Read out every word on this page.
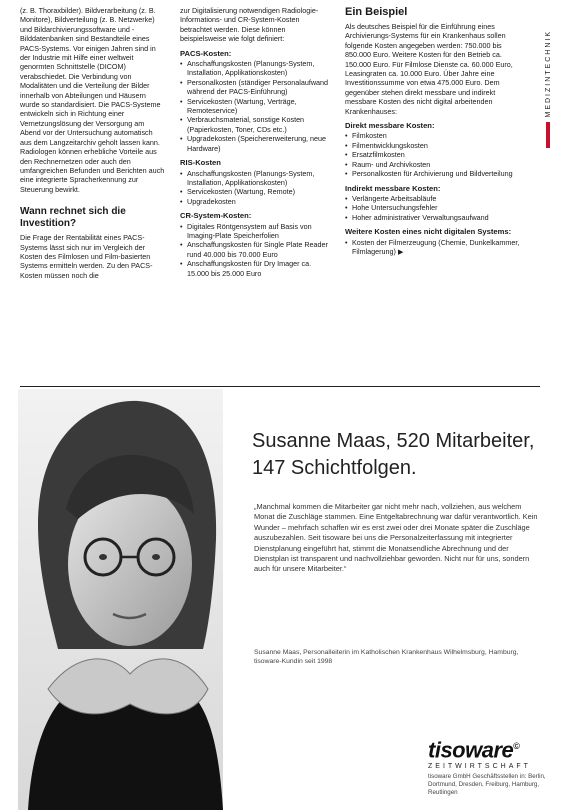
(z. B. Thoraxbilder). Bildverarbeitung (z. B. Monitore), Bildverteilung (z. B. Netzwerke) und Bildarchivierungssoftware und -Bilddatenbanken sind Bestandteile eines PACS-Systems. Vor einigen Jahren sind in der Industrie mit Hilfe einer weltweit genormten Schnittstelle (DICOM) verabschiedet. Die Verbindung von Modalitäten und die Verteilung der Bilder innerhalb von Abteilungen und Häusern wurde so standardisiert. Die PACS-Systeme entwickeln sich in Richtung einer Vernetzungslösung der Versorgung am Abend vor der Untersuchung automatisch aus dem Langzeitarchiv geholt lassen kann. Radiologen können erhebliche Vorteile aus den Rechnernetzen oder auch den umfangreichen Befunden und Berichten auch eine integrierte Spracherkennung zur Steuerung bewirkt.

Wann rechnet sich die Investition?

Die Frage der Rentabilität eines PACS-Systems lässt sich nur im Vergleich der Kosten des Filmlosen und Film-basierten Systems ermitteln werden. Zu den PACS-Kosten müssen noch die

zur Digitalisierung notwendigen Radiologie-Informations- und CR-System-Kosten betrachtet werden. Diese können beispielsweise wie folgt definiert:

PACS-Kosten:
• Anschaffungskosten (Planungs-System, Installation, Applikationskosten)
• Personalkosten (ständiger Personalaufwand während der PACS-Einführung)
• Servicekosten (Wartung, Verträge, Remoteservice)
• Verbrauchsmaterial, sonstige Kosten (Papierkosten, Toner, CDs etc.)
• Upgradekosten (Speichererweiterung, neue Hardware)
RIS-Kosten
• Anschaffungskosten (Planungs-System, Installation, Applikationskosten)
• Servicekosten (Wartung, Remote)
• Upgradekosten
CR-System-Kosten:
• Digitales Röntgensystem auf Basis von Imaging-Plate Speicherfolien
• Anschaffungskosten für Single Plate Reader rund 40.000 bis 70.000 Euro
• Anschaffungskosten für Dry Imager ca. 15.000 bis 25.000 Euro
Ein Beispiel

Als deutsches Beispiel für die Einführung eines Archivierungs-Systems für ein Krankenhaus sollen folgende Kosten angegeben werden: 750.000 bis 850.000 Euro. Weitere Kosten für den Betrieb ca. 150.000 Euro. Für Filmlose Dienste ca. 60.000 Euro, Leasingraten ca. 10.000 Euro. Über Jahre eine Investitionssumme von etwa 475.000 Euro. Dem gegenüber stehen direkt messbare und indirekt messbare Kosten des nicht digital arbeitenden Krankenhauses:

Direkt messbare Kosten:
• Filmkosten
• Filmentwicklungskosten
• Ersatzfilmkosten
• Raum- und Archivkosten
• Personalkosten für Archivierung und Bildverteilung
Indirekt messbare Kosten:
• Verlängerte Arbeitsabläufe
• Hohe Untersuchungsfehler
• Hoher administrativer Verwaltungsaufwand
Weitere Kosten eines nicht digitalen Systems:
• Kosten der Filmerzeugung (Chemie, Dunkelkammer, Filmlagerung) ▶
MEDIZINTECHNIK
Susanne Maas, 520 Mitarbeiter, 147 Schichtfolgen.

„Manchmal kommen die Mitarbeiter gar nicht mehr nach, vollziehen, aus welchem Monat die Zuschläge stammen. Eine Entgeltabrechnung war dafür verantwortlich. Kein Wunder – mehrfach schaffen wir es erst zwei oder drei Monate später die Zuschläge auszubezahlen. Seit tisoware bei uns die Personalzeiterfassung mit integrierter Dienstplanung eingeführt hat, stimmt die Monatsendliche Abrechnung und der Dienstplan ist transparent und nachvollziehbar geworden. Nicht nur für uns, sondern auch für unsere Mitarbeiter.“

Susanne Maas, Personalleiterin im Katholischen Krankenhaus Wilhelmsburg, Hamburg, tisoware-Kundin seit 1998
tisoware©
ZEITWIRTSCHAFT
tisoware GmbH Geschäftsstellen in: Berlin, Dortmund, Dresden, Freiburg, Hamburg, Reutlingen
